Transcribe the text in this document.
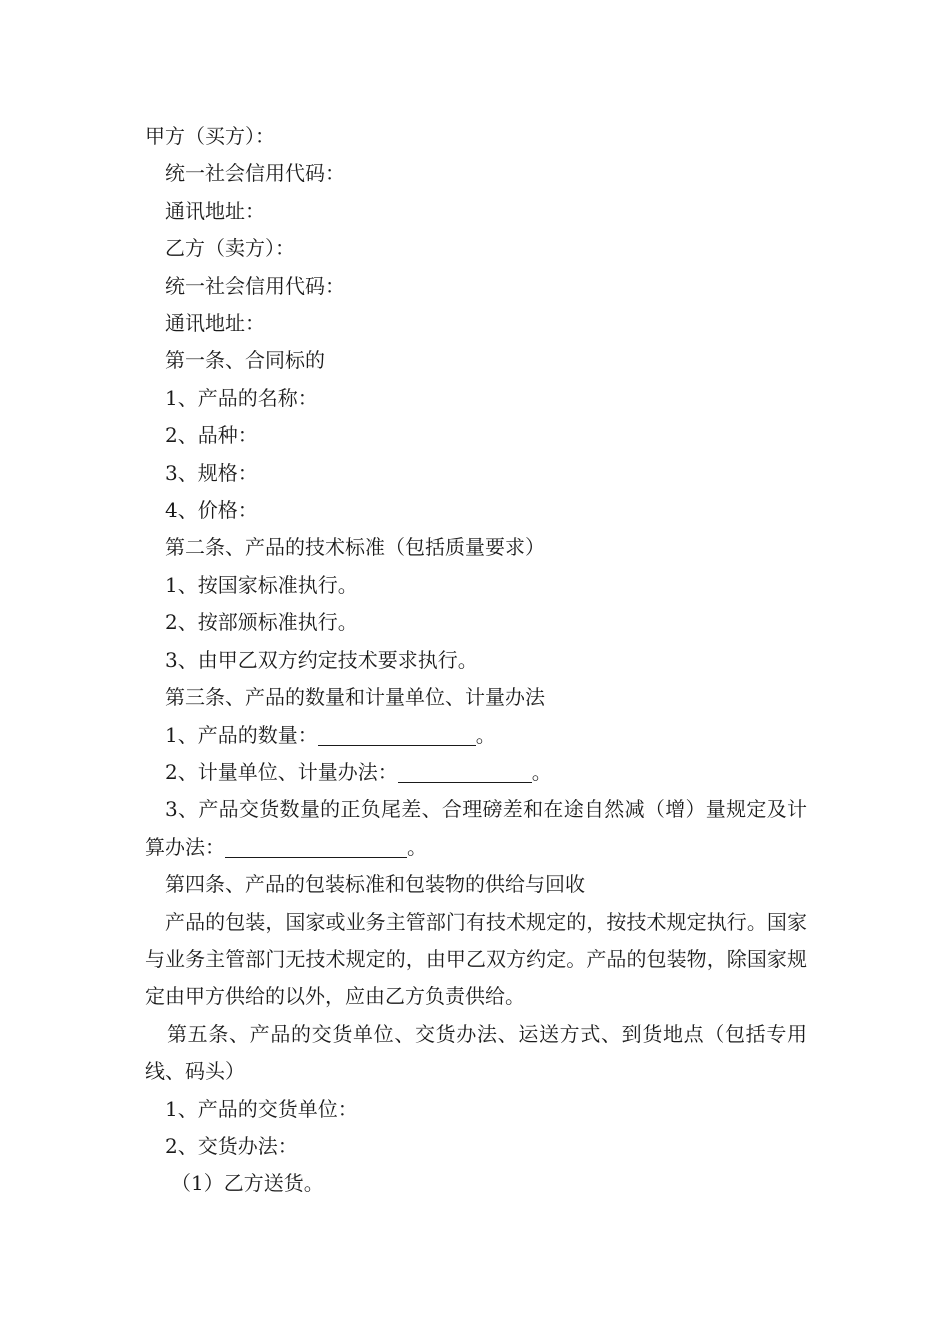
甲方（买方）：
统一社会信用代码：
通讯地址：
乙方（卖方）：
统一社会信用代码：
通讯地址：
第一条、合同标的
1、产品的名称：
2、品种：
3、规格：
4、价格：
第二条、产品的技术标准（包括质量要求）
1、按国家标准执行。
2、按部颁标准执行。
3、由甲乙双方约定技术要求执行。
第三条、产品的数量和计量单位、计量办法
1、产品的数量：	。
2、计量单位、计量办法：	。

3、产品交货数量的正负尾差、合理磅差和在途自然减（增）量规定及计算办法：	。

第四条、产品的包装标准和包装物的供给与回收

产品的包装，国家或业务主管部门有技术规定的，按技术规定执行。国家与业务主管部门无技术规定的，由甲乙双方约定。产品的包装物，除国家规定由甲方供给的以外，应由乙方负责供给。

第五条、产品的交货单位、交货办法、运送方式、到货地点（包括专用线、码头）

1、产品的交货单位：
2、交货办法：
（1）乙方送货。
